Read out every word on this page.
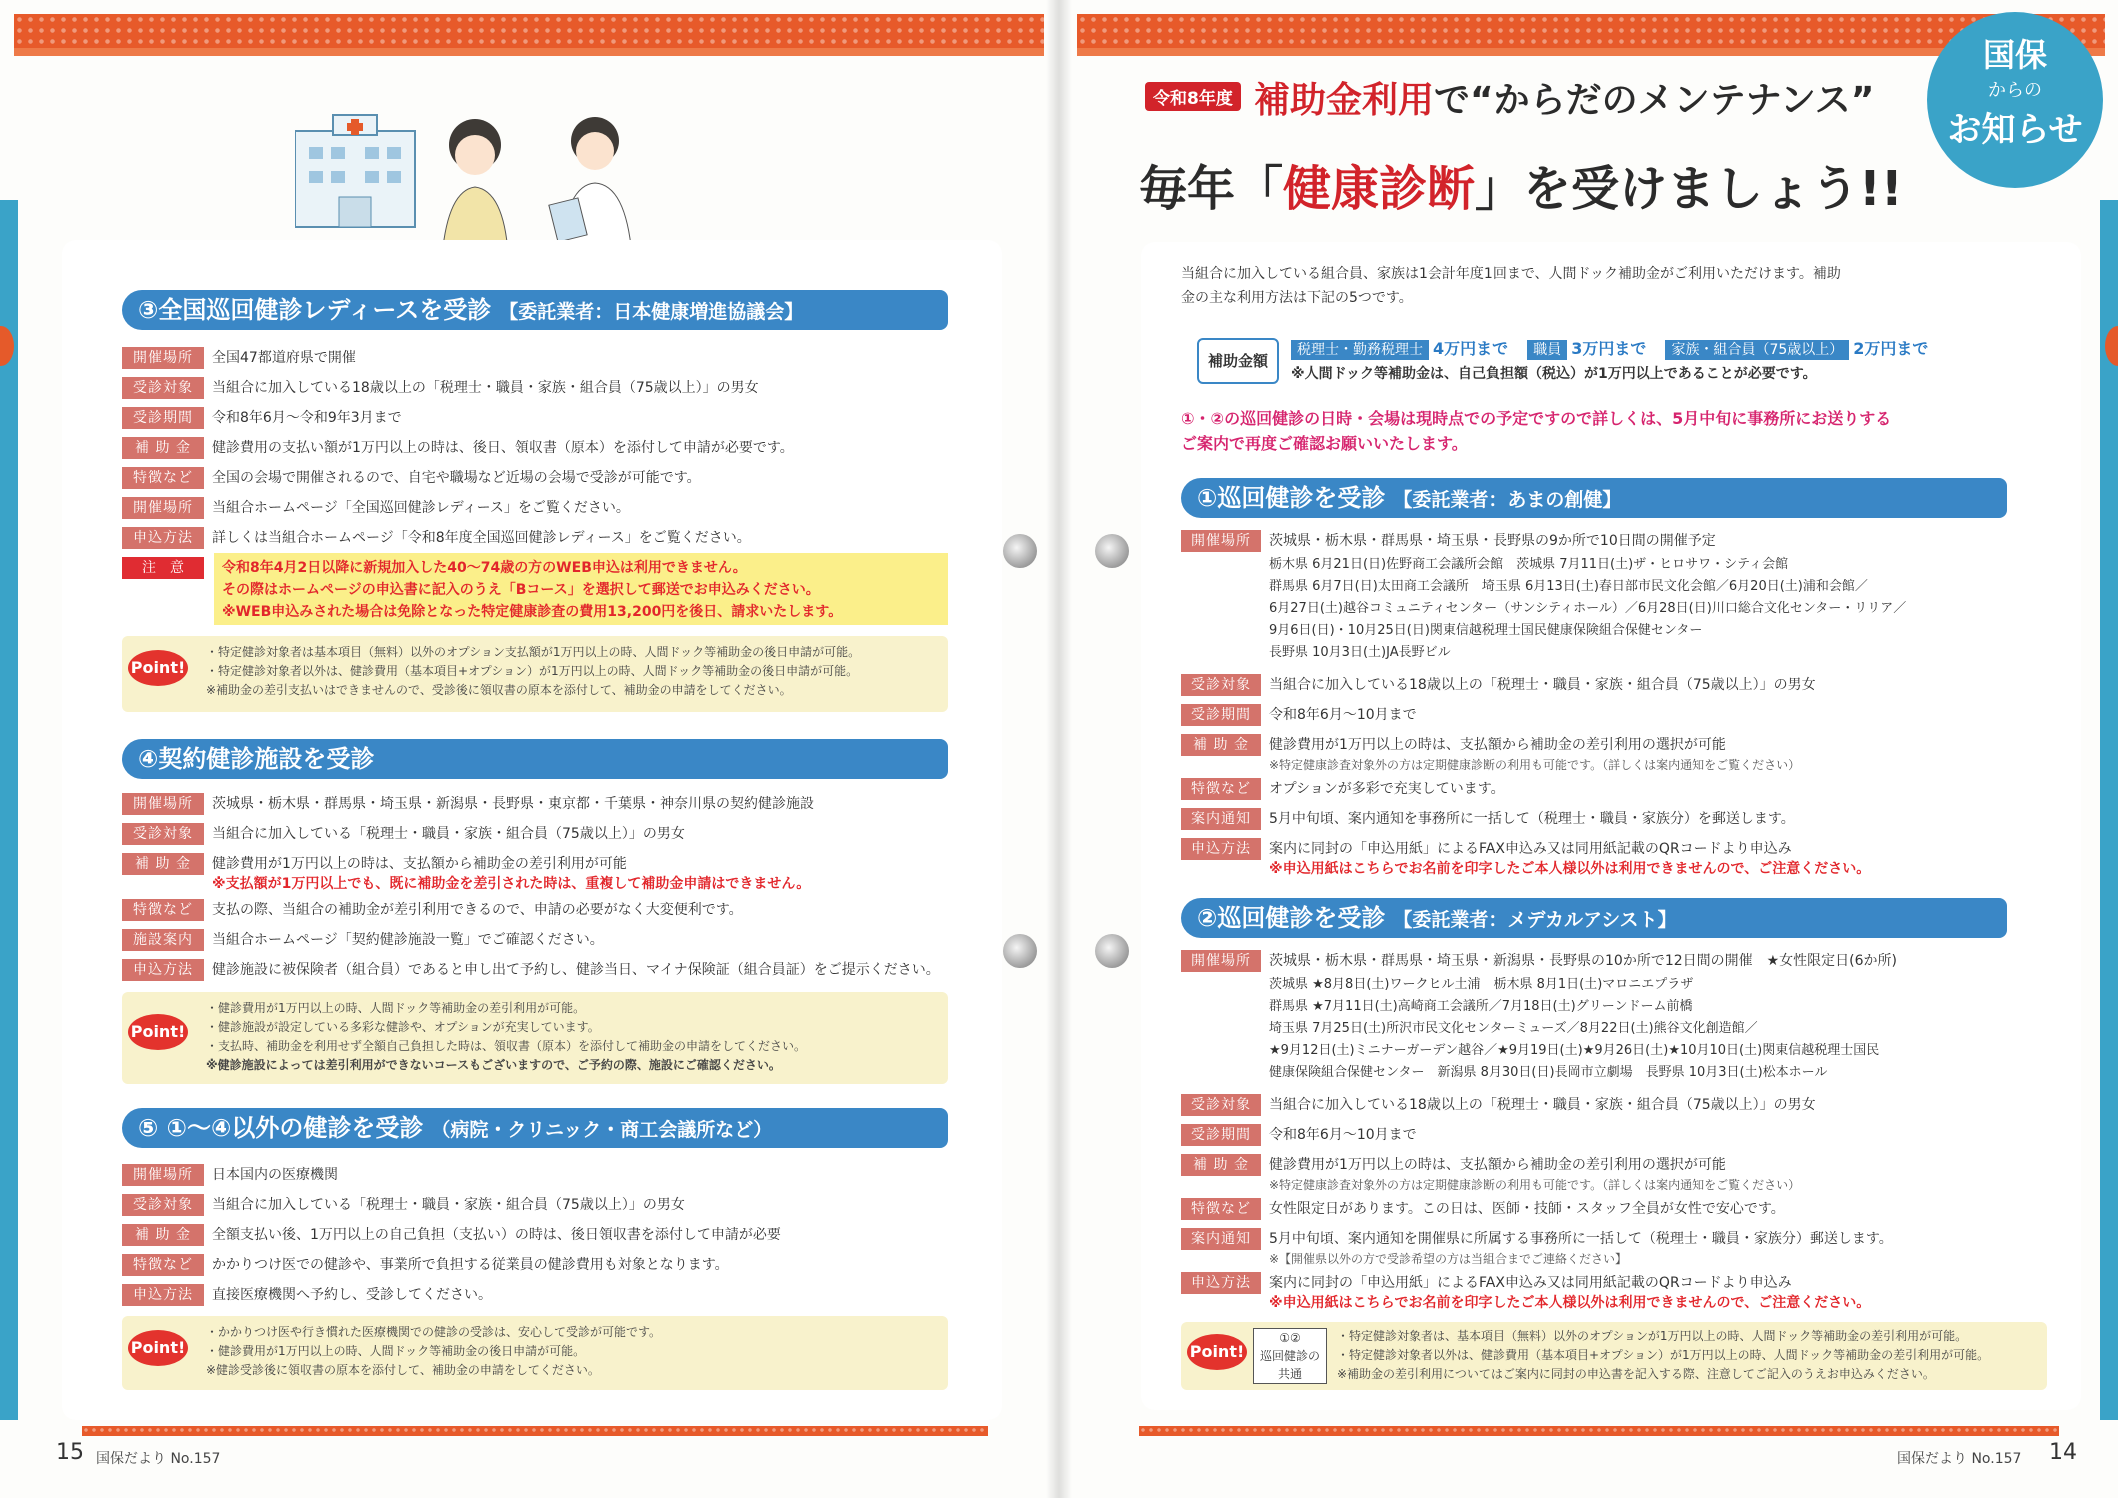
③全国巡回健診レディースを受診 【委託業者：日本健康増進協議会】
開催場所	全国47都道府県で開催
受診対象	当組合に加入している18歳以上の「税理士・職員・家族・組合員（75歳以上）」の男女
受診期間	令和8年6月～令和9年3月まで
補 助 金	健診費用の支払い額が1万円以上の時は、後日、領収書（原本）を添付して申請が必要です。
特徴など	全国の会場で開催されるので、自宅や職場など近場の会場で受診が可能です。
開催場所	当組合ホームページ「全国巡回健診レディース」をご覧ください。
申込方法	詳しくは当組合ホームページ「令和8年度全国巡回健診レディース」をご覧ください。
注　意	令和8年4月2日以降に新規加入した40～74歳の方のWEB申込は利用できません。
その際はホームページの申込書に記入のうえ「Bコース」を選択して郵送でお申込みください。
※WEB申込みされた場合は免除となった特定健康診査の費用13,200円を後日、請求いたします。
Point!
・特定健診対象者は基本項目（無料）以外のオプション支払額が1万円以上の時、人間ドック等補助金の後日申請が可能。
・特定健診対象者以外は、健診費用（基本項目+オプション）が1万円以上の時、人間ドック等補助金の後日申請が可能。
※補助金の差引支払いはできませんので、受診後に領収書の原本を添付して、補助金の申請をしてください。
④契約健診施設を受診
開催場所	茨城県・栃木県・群馬県・埼玉県・新潟県・長野県・東京都・千葉県・神奈川県の契約健診施設
受診対象	当組合に加入している「税理士・職員・家族・組合員（75歳以上）」の男女
補 助 金	健診費用が1万円以上の時は、支払額から補助金の差引利用が可能
※支払額が1万円以上でも、既に補助金を差引された時は、重複して補助金申請はできません。
特徴など	支払の際、当組合の補助金が差引利用できるので、申請の必要がなく大変便利です。
施設案内	当組合ホームページ「契約健診施設一覧」でご確認ください。
申込方法	健診施設に被保険者（組合員）であると申し出て予約し、健診当日、マイナ保険証（組合員証）をご提示ください。
Point!
・健診費用が1万円以上の時、人間ドック等補助金の差引利用が可能。
・健診施設が設定している多彩な健診や、オプションが充実しています。
・支払時、補助金を利用せず全額自己負担した時は、領収書（原本）を添付して補助金の申請をしてください。
※健診施設によっては差引利用ができないコースもございますので、ご予約の際、施設にご確認ください。
⑤ ①～④以外の健診を受診 （病院・クリニック・商工会議所など）
開催場所	日本国内の医療機関
受診対象	当組合に加入している「税理士・職員・家族・組合員（75歳以上）」の男女
補 助 金	全額支払い後、1万円以上の自己負担（支払い）の時は、後日領収書を添付して申請が必要
特徴など	かかりつけ医での健診や、事業所で負担する従業員の健診費用も対象となります。
申込方法	直接医療機関へ予約し、受診してください。
Point!
・かかりつけ医や行き慣れた医療機関での健診の受診は、安心して受診が可能です。
・健診費用が1万円以上の時、人間ドック等補助金の後日申請が可能。
※健診受診後に領収書の原本を添付して、補助金の申請をしてください。
15 国保だより No.157
国保
からの
お知らせ
令和8年度 補助金利用で“からだのメンテナンス”
毎年「健康診断」を受けましょう!!
当組合に加入している組合員、家族は1会計年度1回まで、人間ドック補助金がご利用いただけます。補助
金の主な利用方法は下記の5つです。
補助金額
税理士・勤務税理士 4万円まで 職員 3万円まで 家族・組合員（75歳以上） 2万円まで
※人間ドック等補助金は、自己負担額（税込）が1万円以上であることが必要です。
①・②の巡回健診の日時・会場は現時点での予定ですので詳しくは、5月中旬に事務所にお送りする
ご案内で再度ご確認お願いいたします。
①巡回健診を受診 【委託業者：あまの創健】
開催場所	茨城県・栃木県・群馬県・埼玉県・長野県の9か所で10日間の開催予定
栃木県 6月21日(日)佐野商工会議所会館　茨城県 7月11日(土)ザ・ヒロサワ・シティ会館
群馬県 6月7日(日)太田商工会議所　埼玉県 6月13日(土)春日部市民文化会館／6月20日(土)浦和会館／
6月27日(土)越谷コミュニティセンター（サンシティホール）／6月28日(日)川口総合文化センター・リリア／
9月6日(日)・10月25日(日)関東信越税理士国民健康保険組合保健センター
長野県 10月3日(土)JA長野ビル
受診対象	当組合に加入している18歳以上の「税理士・職員・家族・組合員（75歳以上）」の男女
受診期間	令和8年6月～10月まで
補 助 金	健診費用が1万円以上の時は、支払額から補助金の差引利用の選択が可能
※特定健康診査対象外の方は定期健康診断の利用も可能です。（詳しくは案内通知をご覧ください）
特徴など	オプションが多彩で充実しています。
案内通知	5月中旬頃、案内通知を事務所に一括して（税理士・職員・家族分）を郵送します。
申込方法	案内に同封の「申込用紙」によるFAX申込み又は同用紙記載のQRコードより申込み
※申込用紙はこちらでお名前を印字したご本人様以外は利用できませんので、ご注意ください。
②巡回健診を受診 【委託業者：メデカルアシスト】
開催場所	茨城県・栃木県・群馬県・埼玉県・新潟県・長野県の10か所で12日間の開催　★女性限定日(6か所)
茨城県 ★8月8日(土)ワークヒル土浦　栃木県 8月1日(土)マロニエプラザ
群馬県 ★7月11日(土)高崎商工会議所／7月18日(土)グリーンドーム前橋
埼玉県 7月25日(土)所沢市民文化センターミューズ／8月22日(土)熊谷文化創造館／
★9月12日(土)ミニナーガーデン越谷／★9月19日(土)★9月26日(土)★10月10日(土)関東信越税理士国民
健康保険組合保健センター　新潟県 8月30日(日)長岡市立劇場　長野県 10月3日(土)松本ホール
受診対象	当組合に加入している18歳以上の「税理士・職員・家族・組合員（75歳以上）」の男女
受診期間	令和8年6月～10月まで
補 助 金	健診費用が1万円以上の時は、支払額から補助金の差引利用の選択が可能
※特定健康診査対象外の方は定期健康診断の利用も可能です。（詳しくは案内通知をご覧ください）
特徴など	女性限定日があります。この日は、医師・技師・スタッフ全員が女性で安心です。
案内通知	5月中旬頃、案内通知を開催県に所属する事務所に一括して（税理士・職員・家族分）郵送します。
※【開催県以外の方で受診希望の方は当組合までご連絡ください】
申込方法	案内に同封の「申込用紙」によるFAX申込み又は同用紙記載のQRコードより申込み
※申込用紙はこちらでお名前を印字したご本人様以外は利用できませんので、ご注意ください。
Point!
①②
巡回健診の
共通
・特定健診対象者は、基本項目（無料）以外のオプションが1万円以上の時、人間ドック等補助金の差引利用が可能。
・特定健診対象者以外は、健診費用（基本項目+オプション）が1万円以上の時、人間ドック等補助金の差引利用が可能。
※補助金の差引利用についてはご案内に同封の申込書を記入する際、注意してご記入のうえお申込みください。
国保だより No.157 14
